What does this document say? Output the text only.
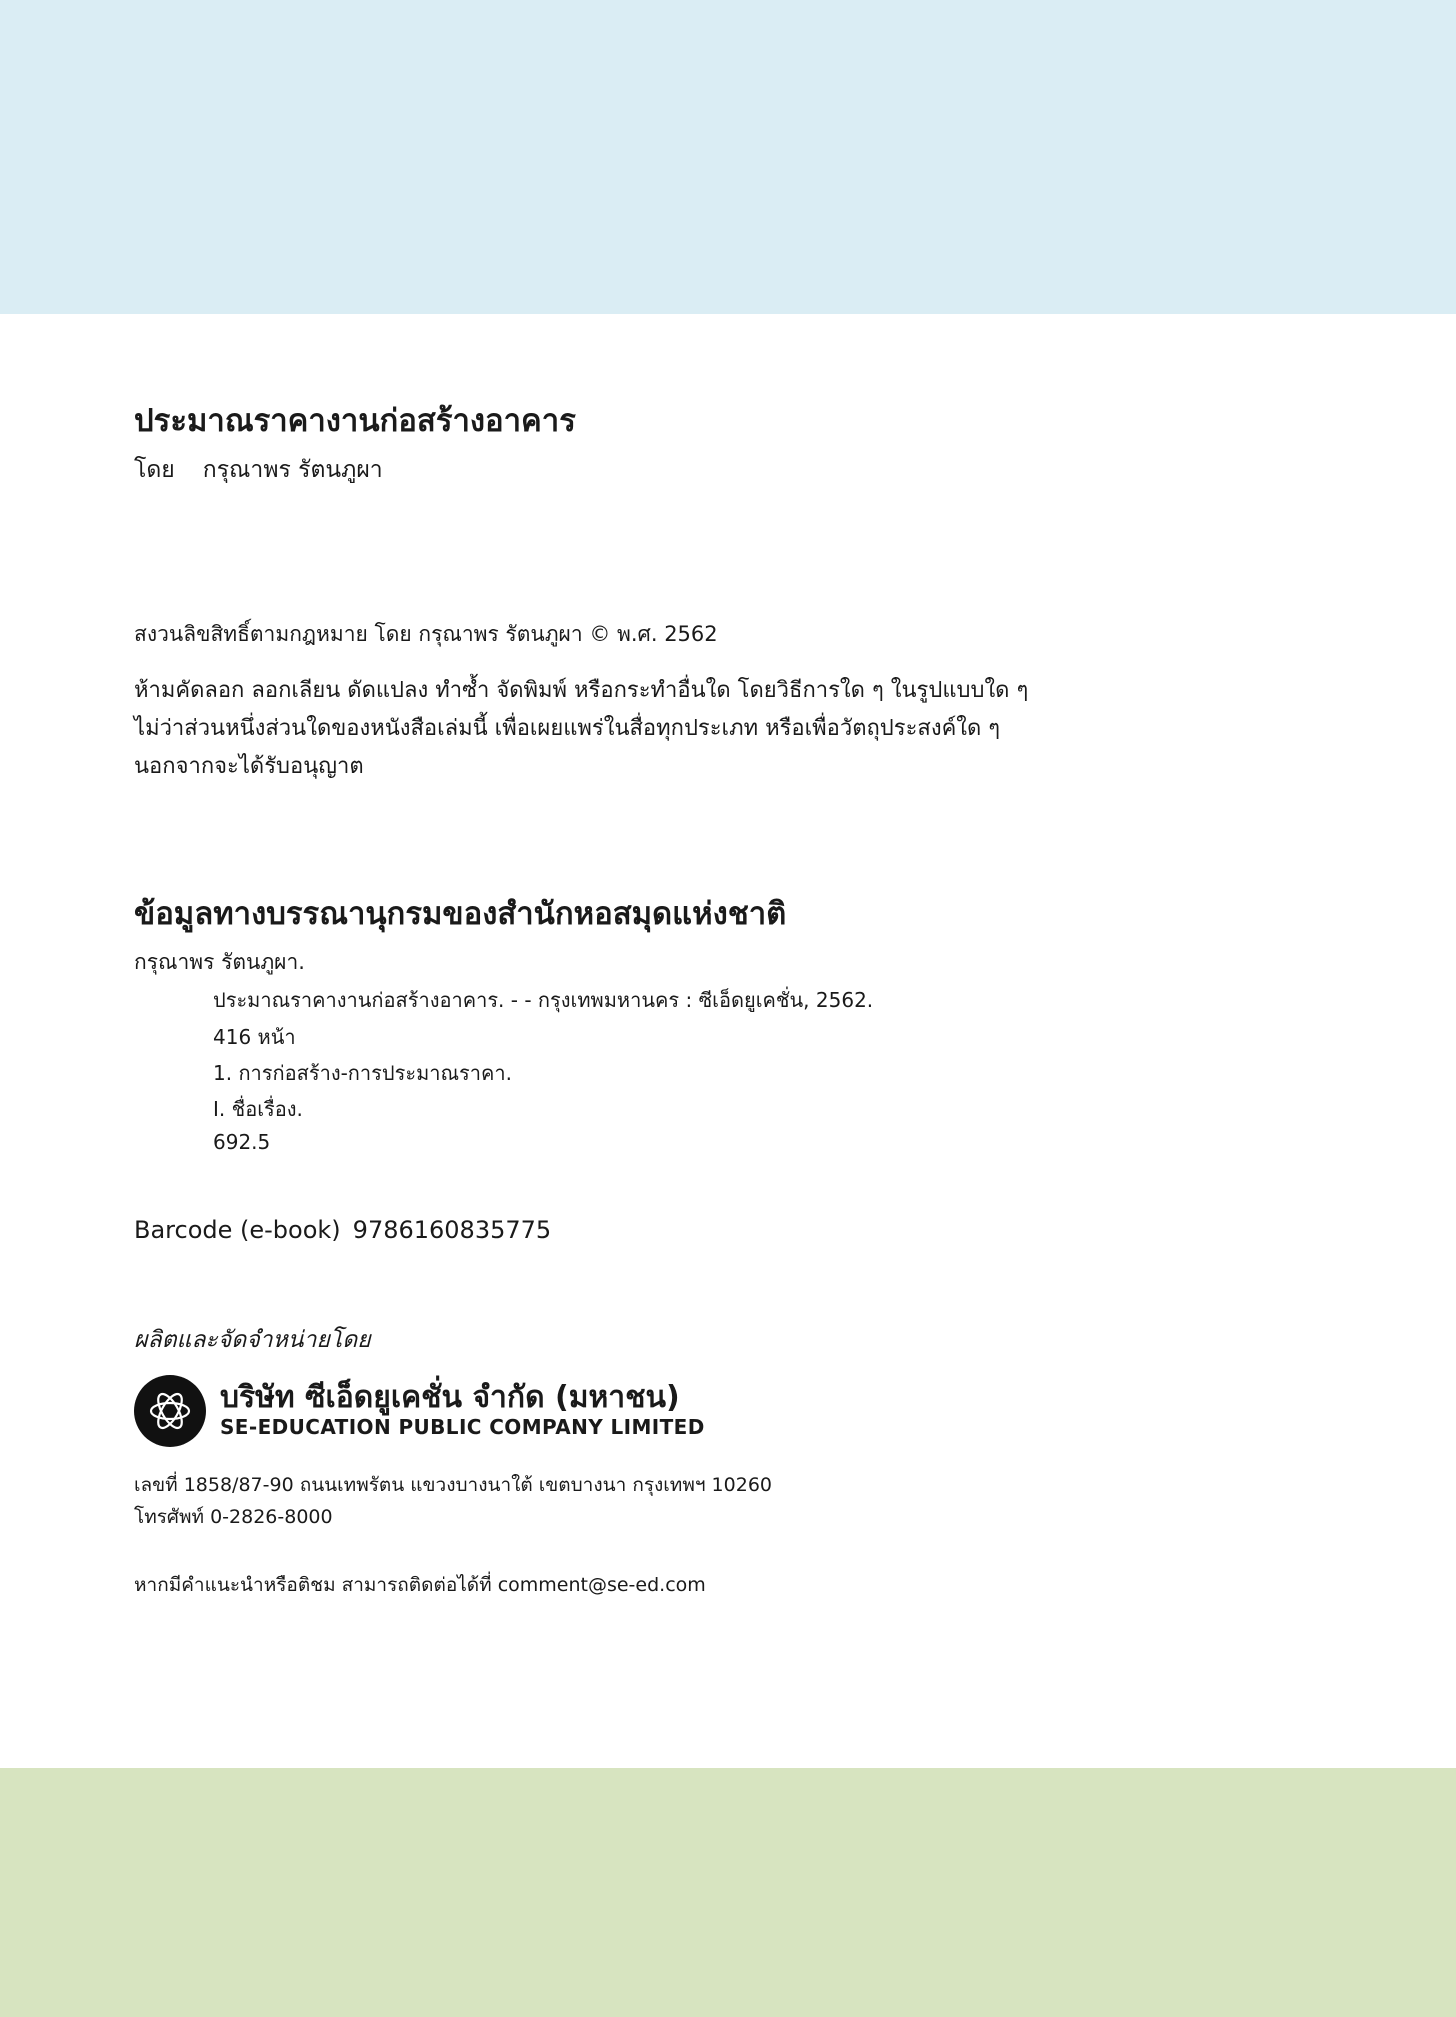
ประมาณราคางานก่อสร้างอาคาร
โดย กรุณาพร รัตนภูผา
สงวนลิขสิทธิ์ตามกฎหมาย โดย กรุณาพร รัตนภูผา © พ.ศ. 2562
ห้ามคัดลอก ลอกเลียน ดัดแปลง ทำซ้ำ จัดพิมพ์ หรือกระทำอื่นใด โดยวิธีการใด ๆ ในรูปแบบใด ๆ
ไม่ว่าส่วนหนึ่งส่วนใดของหนังสือเล่มนี้ เพื่อเผยแพร่ในสื่อทุกประเภท หรือเพื่อวัตถุประสงค์ใด ๆ
นอกจากจะได้รับอนุญาต
ข้อมูลทางบรรณานุกรมของสำนักหอสมุดแห่งชาติ
กรุณาพร รัตนภูผา.
ประมาณราคางานก่อสร้างอาคาร. - - กรุงเทพมหานคร : ซีเอ็ดยูเคชั่น, 2562.
416 หน้า
1. การก่อสร้าง-การประมาณราคา.
I. ชื่อเรื่อง.
692.5
Barcode (e-book) 9786160835775
ผลิตและจัดจำหน่ายโดย
บริษัท ซีเอ็ดยูเคชั่น จำกัด (มหาชน)
SE-EDUCATION PUBLIC COMPANY LIMITED
เลขที่ 1858/87-90 ถนนเทพรัตน แขวงบางนาใต้ เขตบางนา กรุงเทพฯ 10260
โทรศัพท์ 0-2826-8000
หากมีคำแนะนำหรือติชม สามารถติดต่อได้ที่ comment@se-ed.com
